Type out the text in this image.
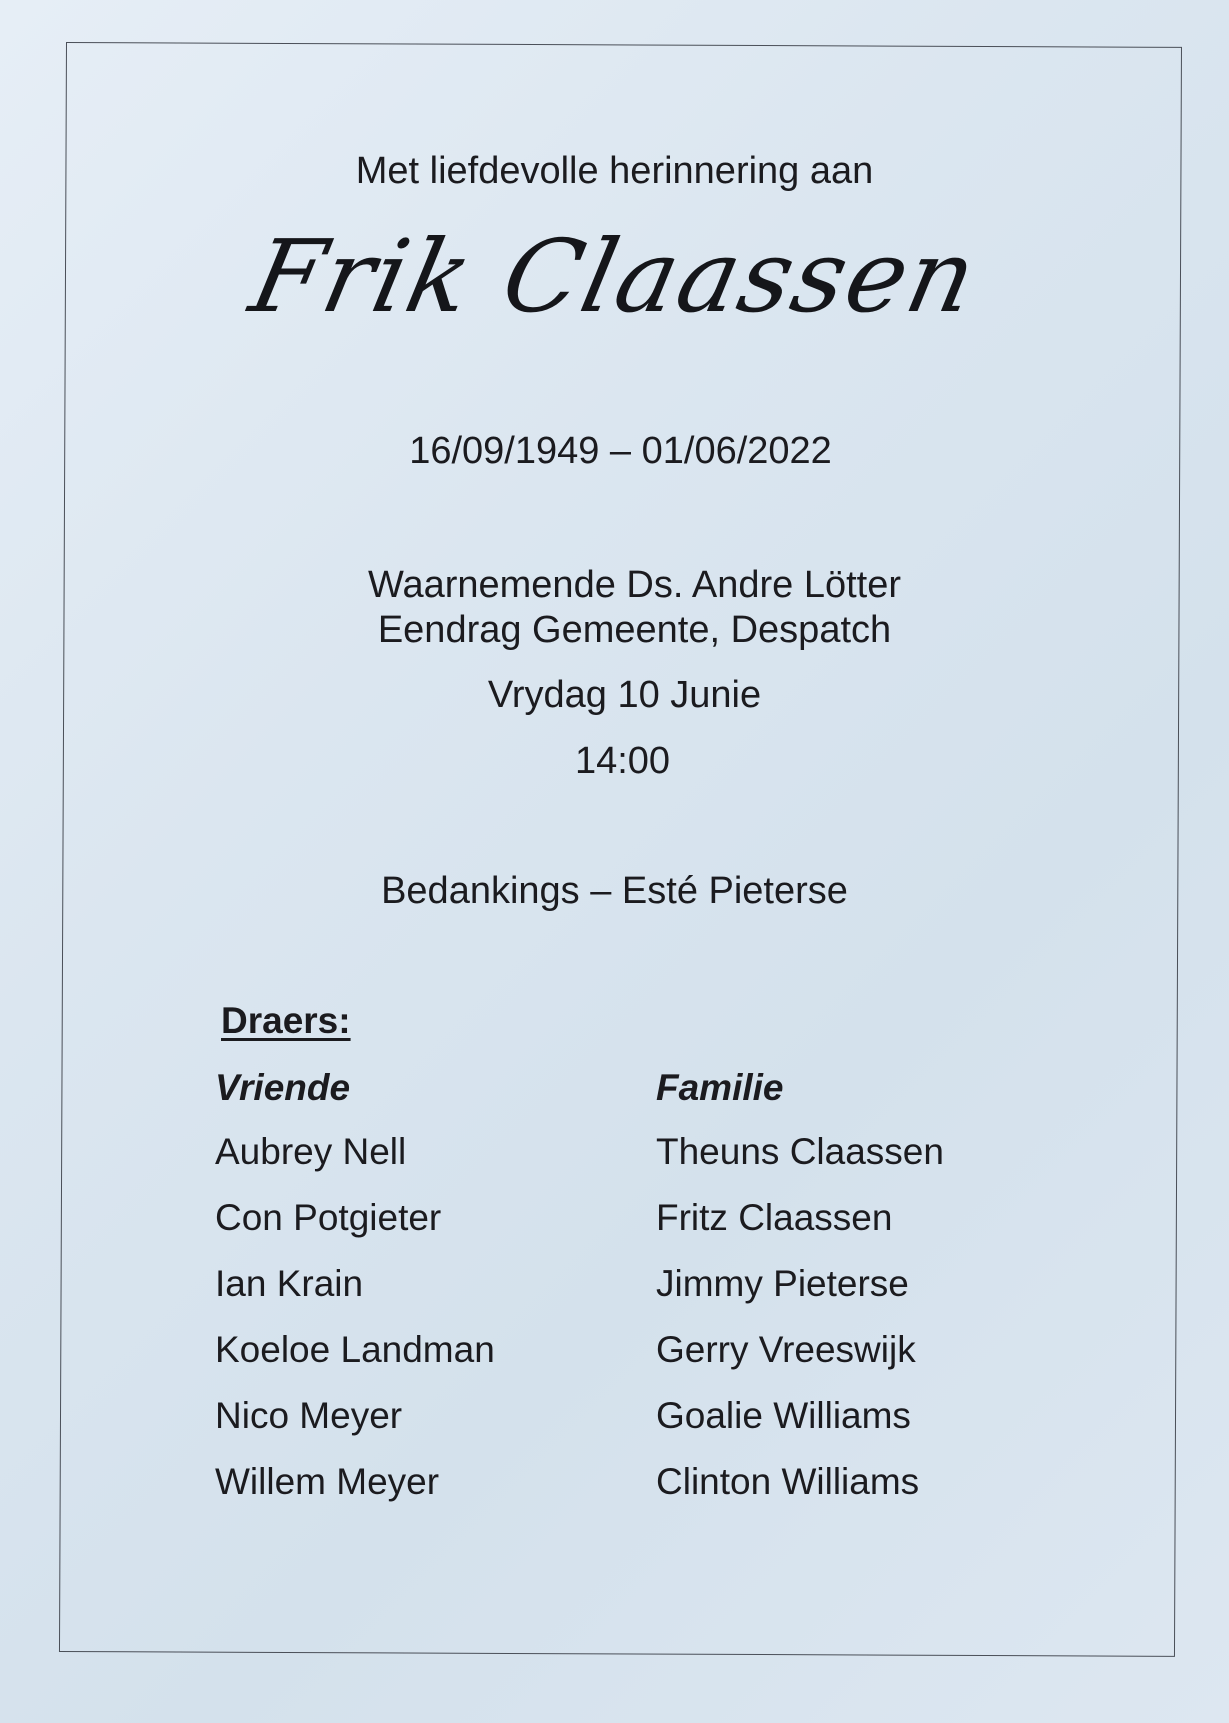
Met liefdevolle herinnering aan
Frik Claassen
16/09/1949 – 01/06/2022
Waarnemende Ds. Andre Lötter
Eendrag Gemeente, Despatch
Vrydag 10 Junie
14:00
Bedankings – Esté Pieterse
Draers:
Vriende
Aubrey Nell
Con Potgieter
Ian Krain
Koeloe Landman
Nico Meyer
Willem Meyer
Familie
Theuns Claassen
Fritz Claassen
Jimmy Pieterse
Gerry Vreeswijk
Goalie Williams
Clinton Williams
